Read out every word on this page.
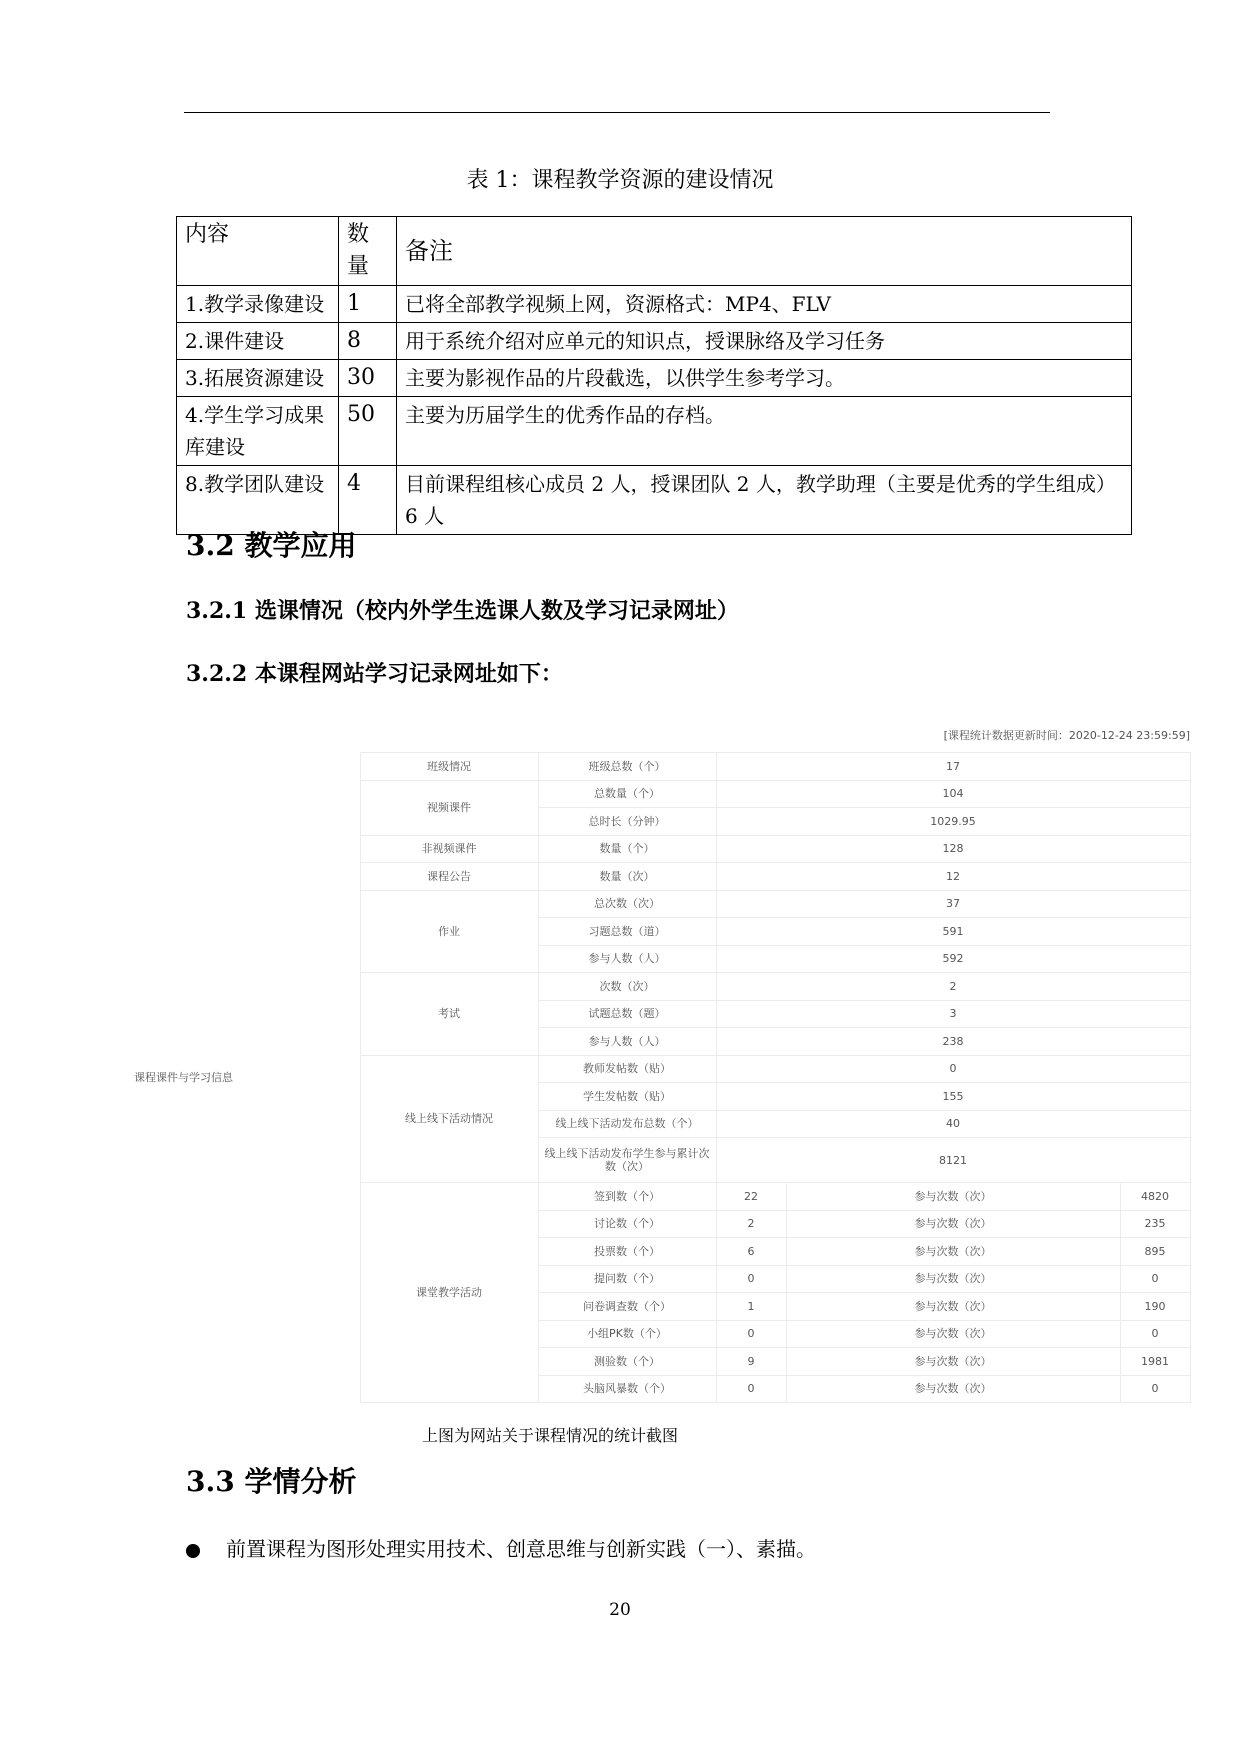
表 1：课程教学资源的建设情况
内容	数量	备注
1.教学录像建设	1	已将全部教学视频上网，资源格式：MP4、FLV
2.课件建设	8	用于系统介绍对应单元的知识点，授课脉络及学习任务
3.拓展资源建设	30	主要为影视作品的片段截选，以供学生参考学习。
4.学生学习成果库建设	50	主要为历届学生的优秀作品的存档。
8.教学团队建设	4	目前课程组核心成员 2 人，授课团队 2 人，教学助理（主要是优秀的学生组成）6 人
3.2 教学应用
3.2.1 选课情况（校内外学生选课人数及学习记录网址）
3.2.2 本课程网站学习记录网址如下：
[课程统计数据更新时间：2020-12-24 23:59:59]
课程课件与学习信息	班级情况	班级总数（个）	17		
	视频课件	总数量（个）	104		
		总时长（分钟）	1029.95		
	非视频课件	数量（个）	128		
	课程公告	数量（次）	12		
	作业	总次数（次）	37		
		习题总数（道）	591		
		参与人数（人）	592		
	考试	次数（次）	2		
		试题总数（题）	3		
		参与人数（人）	238		
	线上线下活动情况	教师发帖数（贴）	0		
		学生发帖数（贴）	155		
		线上线下活动发布总数（个）	40		
		线上线下活动发布学生参与累计次数（次）	8121		
	课堂教学活动	签到数（个）	22	参与次数（次）	4820
		讨论数（个）	2	参与次数（次）	235
		投票数（个）	6	参与次数（次）	895
		提问数（个）	0	参与次数（次）	0
		问卷调查数（个）	1	参与次数（次）	190
		小组PK数（个）	0	参与次数（次）	0
		测验数（个）	9	参与次数（次）	1981
		头脑风暴数（个）	0	参与次数（次）	0
上图为网站关于课程情况的统计截图
3.3 学情分析
前置课程为图形处理实用技术、创意思维与创新实践（一）、素描。
20
